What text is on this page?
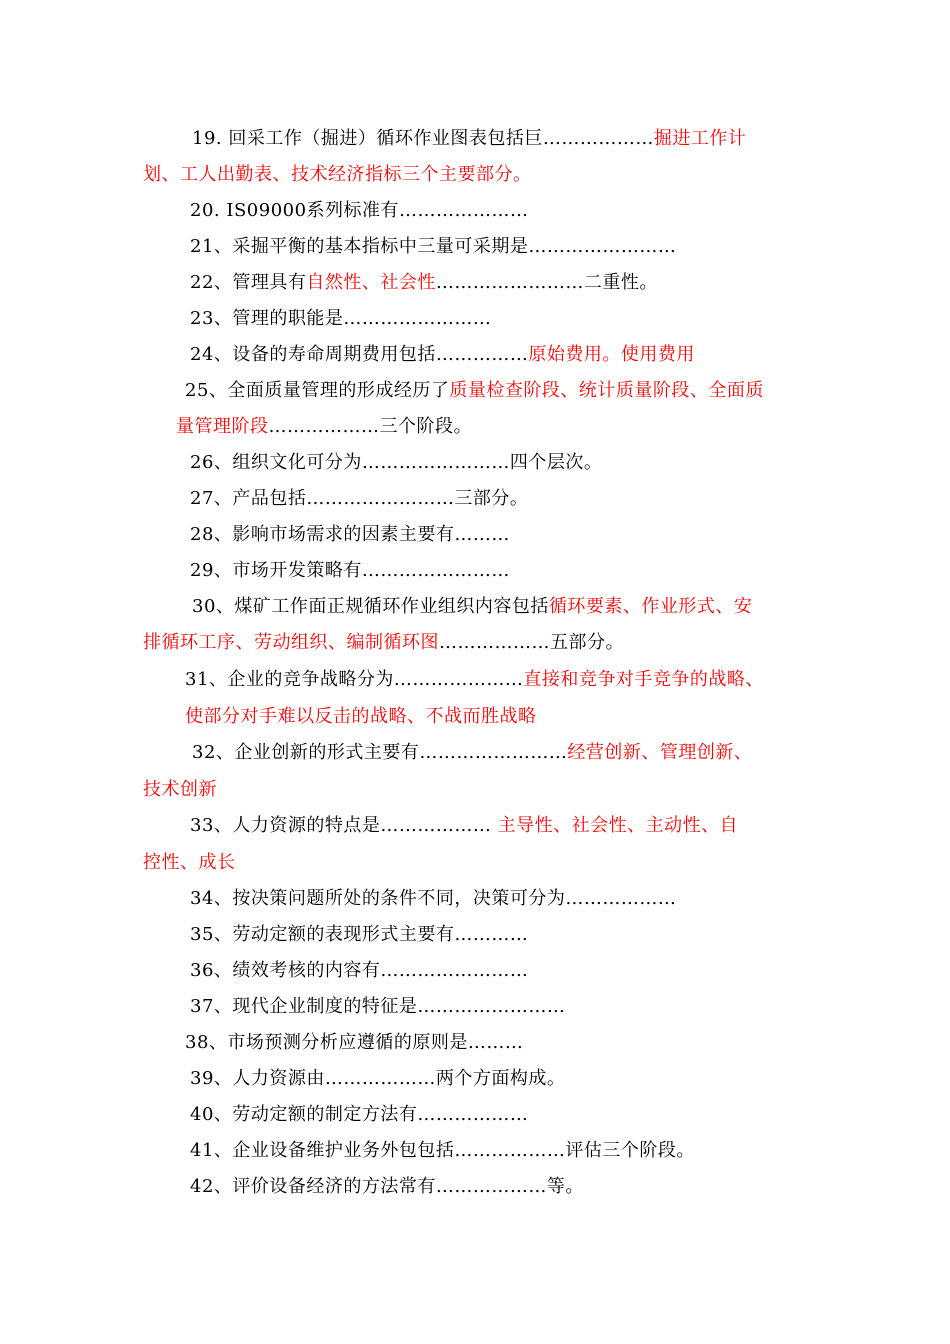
19. 回采工作（掘进）循环作业图表包括巨………………掘进工作计
划、工人出勤表、技术经济指标三个主要部分。
20. IS09000系列标准有…………………
21、采掘平衡的基本指标中三量可采期是……………………
22、管理具有自然性、社会性……………………二重性。
23、管理的职能是……………………
24、设备的寿命周期费用包括……………原始费用。使用费用
25、全面质量管理的形成经历了质量检查阶段、统计质量阶段、全面质
量管理阶段………………三个阶段。
26、组织文化可分为……………………四个层次。
27、产品包括……………………三部分。
28、影响市场需求的因素主要有………
29、市场开发策略有……………………
30、煤矿工作面正规循环作业组织内容包括循环要素、作业形式、安
排循环工序、劳动组织、编制循环图………………五部分。
31、企业的竞争战略分为…………………直接和竞争对手竞争的战略、
使部分对手难以反击的战略、不战而胜战略
32、企业创新的形式主要有……………………经营创新、管理创新、
技术创新
33、人力资源的特点是……………… 主导性、社会性、主动性、自
控性、成长
34、按决策问题所处的条件不同，决策可分为………………
35、劳动定额的表现形式主要有…………
36、绩效考核的内容有……………………
37、现代企业制度的特征是……………………
38、市场预测分析应遵循的原则是………
39、人力资源由………………两个方面构成。
40、劳动定额的制定方法有………………
41、企业设备维护业务外包包括………………评估三个阶段。
42、评价设备经济的方法常有………………等。
